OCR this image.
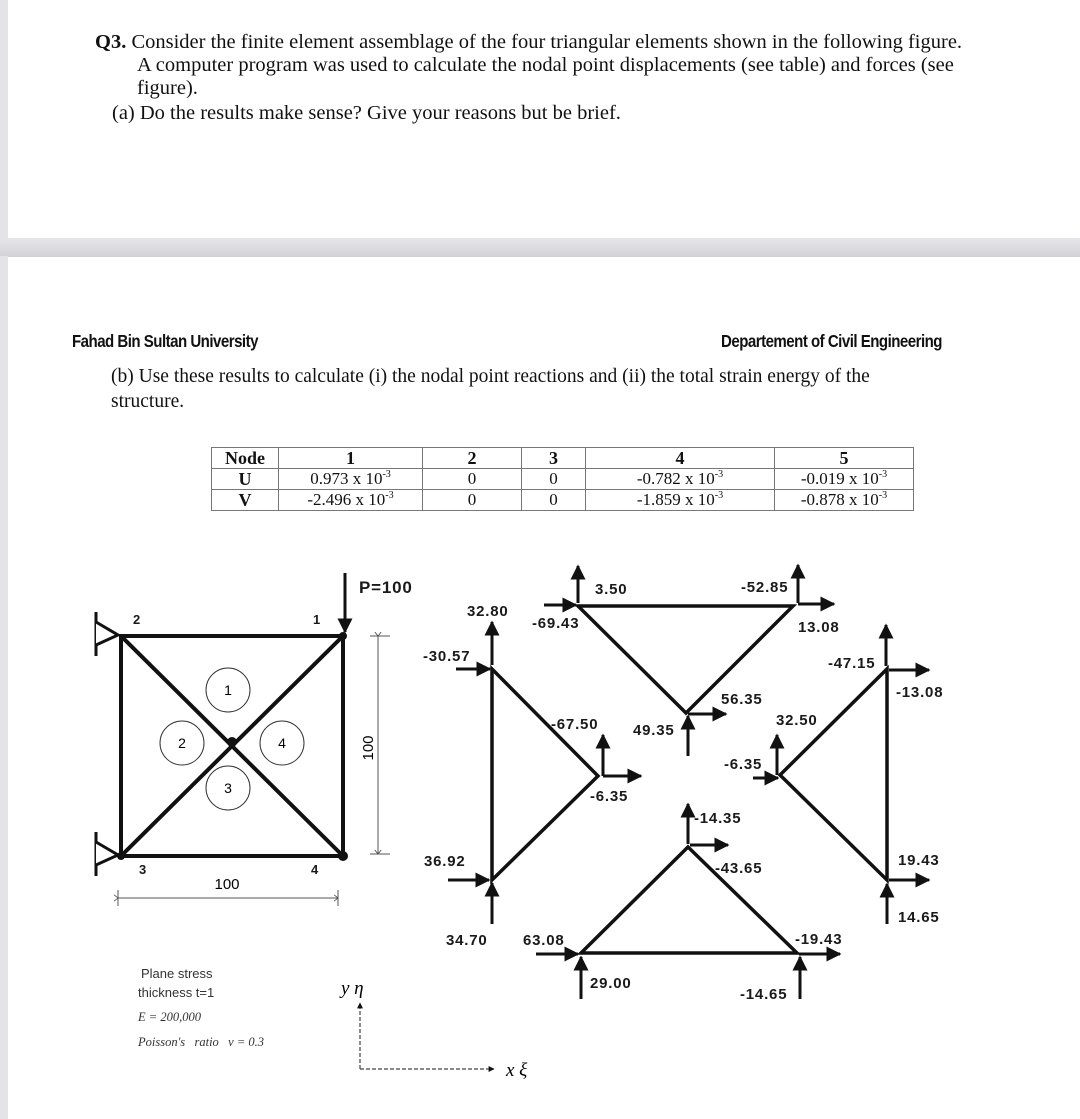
Q3. Consider the finite element assemblage of the four triangular elements shown in the following figure.
A computer program was used to calculate the nodal point displacements (see table) and forces (see
figure).
(a) Do the results make sense? Give your reasons but be brief.
Fahad Bin Sultan University	Departement of Civil Engineering
(b) Use these results to calculate (i) the nodal point reactions and (ii) the total strain energy of the
structure.
Node	1	2	3	4	5
U	0.973 x $10^{-3}$	0	0	-0.782 x $10^{-3}$	-0.019 x $10^{-3}$
V	-2.496 x $10^{-3}$	0	0	-1.859 x $10^{-3}$	-0.878 x $10^{-3}$
P=100
2	1
3	4
1
2	4
3
100
100
y η
x ξ
3.50
-69.43
-52.85
13.08
56.35
49.35
32.80
-30.57
-67.50
-6.35
36.92
34.70
-47.15
-13.08
32.50
-6.35
19.43
14.65
-14.35
-43.65
63.08
29.00
-19.43
-14.65
Plane stress
thickness t=1
E = 200,000
Poisson's   ratio   v = 0.3
